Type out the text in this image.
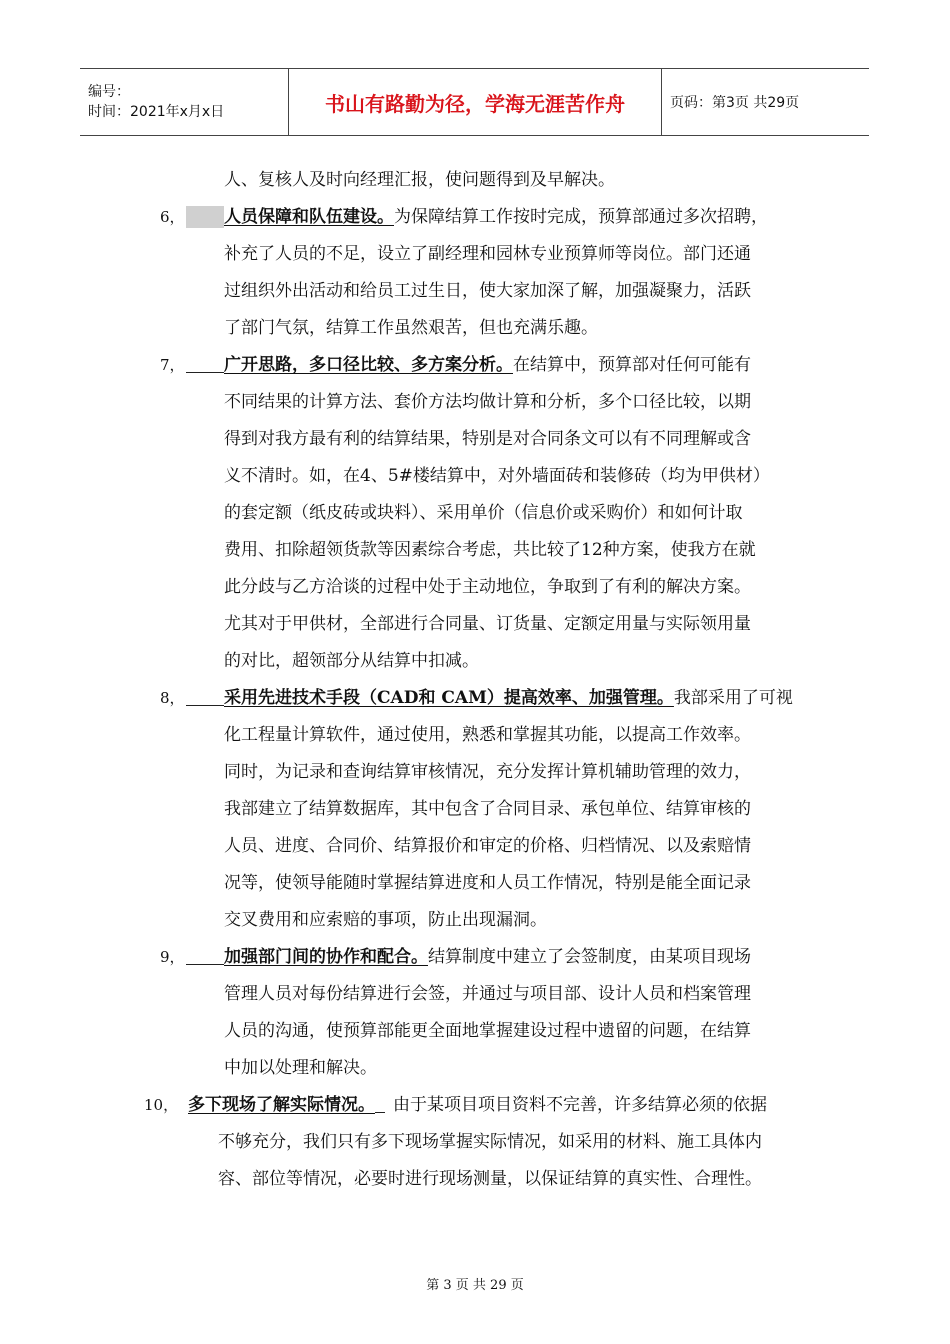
编号：
时间：2021年x月x日	书山有路勤为径，学海无涯苦作舟	页码：第3页 共29页
人、复核人及时向经理汇报，使问题得到及早解决。
6， 人员保障和队伍建设。为保障结算工作按时完成，预算部通过多次招聘，
补充了人员的不足，设立了副经理和园林专业预算师等岗位。部门还通
过组织外出活动和给员工过生日，使大家加深了解，加强凝聚力，活跃
了部门气氛，结算工作虽然艰苦，但也充满乐趣。
7，	广开思路，多口径比较、多方案分析。在结算中，预算部对任何可能有
不同结果的计算方法、套价方法均做计算和分析，多个口径比较，以期
得到对我方最有利的结算结果，特别是对合同条文可以有不同理解或含
义不清时。如，在4、5#楼结算中，对外墙面砖和装修砖（均为甲供材）
的套定额（纸皮砖或块料）、采用单价（信息价或采购价）和如何计取
费用、扣除超领货款等因素综合考虑，共比较了12种方案，使我方在就
此分歧与乙方洽谈的过程中处于主动地位，争取到了有利的解决方案。
尤其对于甲供材，全部进行合同量、订货量、定额定用量与实际领用量
的对比，超领部分从结算中扣减。
8，	采用先进技术手段（CAD和 CAM）提高效率、加强管理。我部采用了可视
化工程量计算软件，通过使用，熟悉和掌握其功能，以提高工作效率。
同时，为记录和查询结算审核情况，充分发挥计算机辅助管理的效力，
我部建立了结算数据库，其中包含了合同目录、承包单位、结算审核的
人员、进度、合同价、结算报价和审定的价格、归档情况、以及索赔情
况等，使领导能随时掌握结算进度和人员工作情况，特别是能全面记录
交叉费用和应索赔的事项，防止出现漏洞。
9，	加强部门间的协作和配合。结算制度中建立了会签制度，由某项目现场
管理人员对每份结算进行会签，并通过与项目部、设计人员和档案管理
人员的沟通，使预算部能更全面地掌握建设过程中遗留的问题，在结算
中加以处理和解决。
10， 多下现场了解实际情况。 由于某项目项目资料不完善，许多结算必须的依据
不够充分，我们只有多下现场掌握实际情况，如采用的材料、施工具体内
容、部位等情况，必要时进行现场测量，以保证结算的真实性、合理性。
第 3 页 共 29 页
